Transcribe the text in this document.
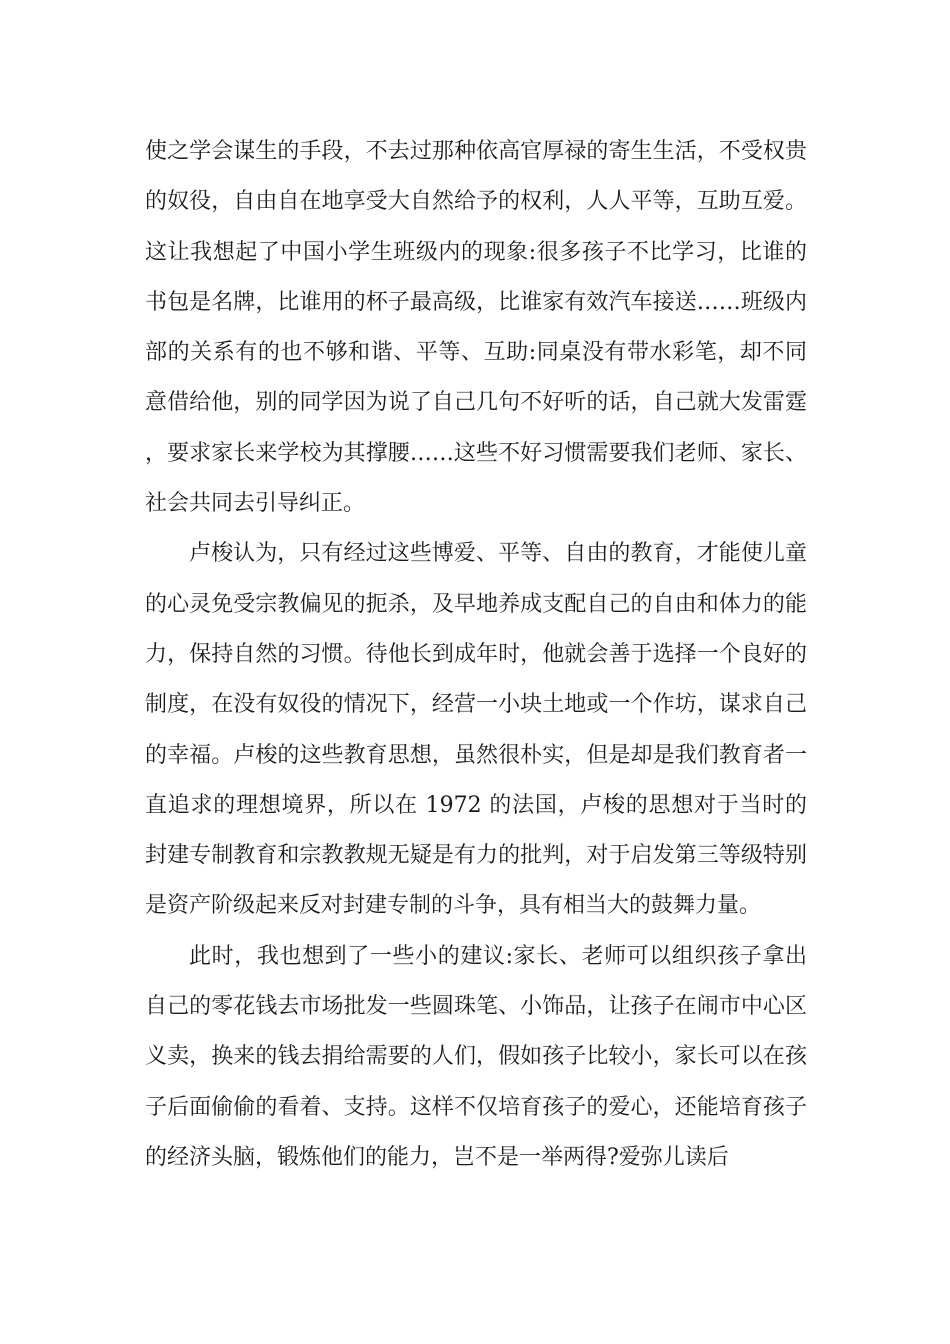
使之学会谋生的手段，不去过那种依高官厚禄的寄生生活，不受权贵的奴役，自由自在地享受大自然给予的权利，人人平等，互助互爱。这让我想起了中国小学生班级内的现象:很多孩子不比学习，比谁的书包是名牌，比谁用的杯子最高级，比谁家有效汽车接送……班级内部的关系有的也不够和谐、平等、互助:同桌没有带水彩笔，却不同意借给他，别的同学因为说了自己几句不好听的话，自己就大发雷霆，要求家长来学校为其撑腰……这些不好习惯需要我们老师、家长、社会共同去引导纠正。

卢梭认为，只有经过这些博爱、平等、自由的教育，才能使儿童的心灵免受宗教偏见的扼杀，及早地养成支配自己的自由和体力的能力，保持自然的习惯。待他长到成年时，他就会善于选择一个良好的制度，在没有奴役的情况下，经营一小块土地或一个作坊，谋求自己的幸福。卢梭的这些教育思想，虽然很朴实，但是却是我们教育者一直追求的理想境界，所以在 1972 的法国，卢梭的思想对于当时的封建专制教育和宗教教规无疑是有力的批判，对于启发第三等级特别是资产阶级起来反对封建专制的斗争，具有相当大的鼓舞力量。

此时，我也想到了一些小的建议:家长、老师可以组织孩子拿出自己的零花钱去市场批发一些圆珠笔、小饰品，让孩子在闹市中心区义卖，换来的钱去捐给需要的人们，假如孩子比较小，家长可以在孩子后面偷偷的看着、支持。这样不仅培育孩子的爱心，还能培育孩子的经济头脑，锻炼他们的能力，岂不是一举两得?爱弥儿读后
